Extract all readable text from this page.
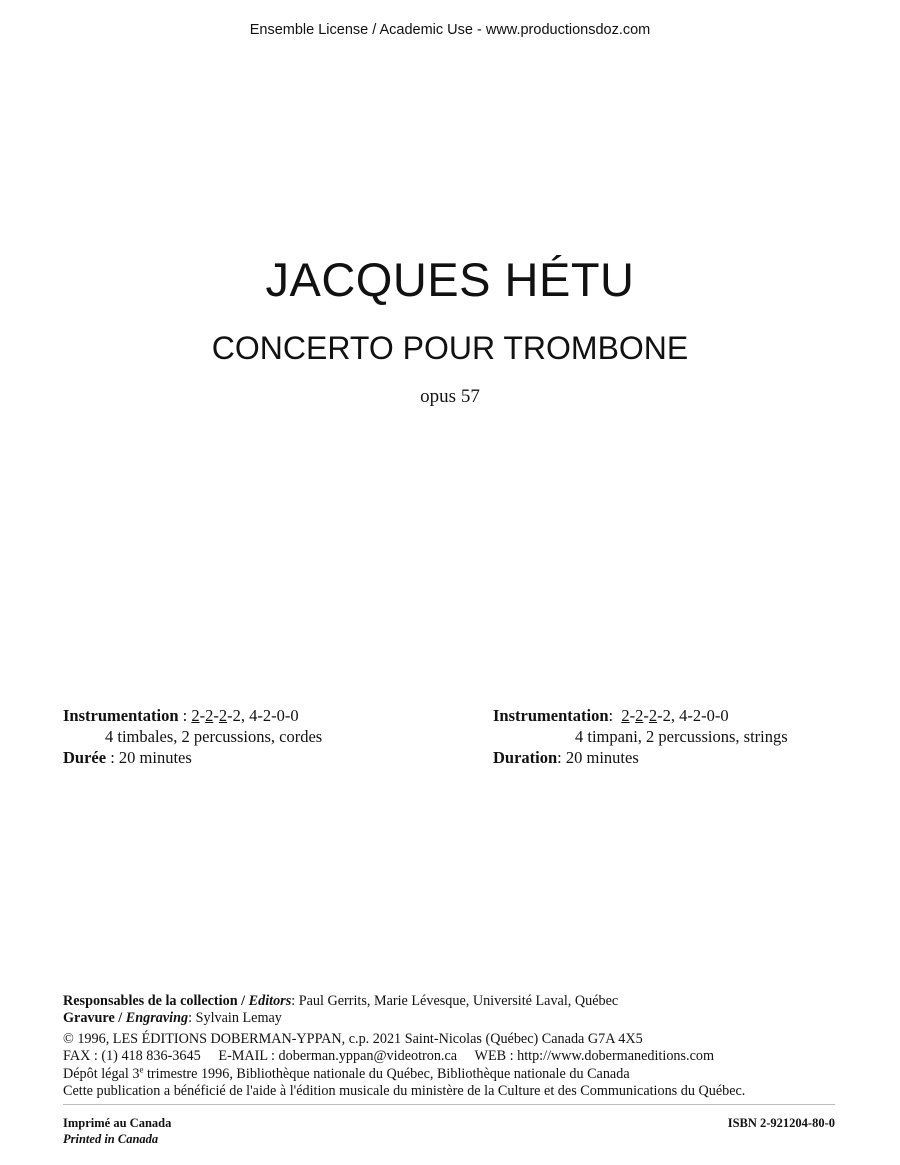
Ensemble License / Academic Use - www.productionsdoz.com
JACQUES HÉTU
CONCERTO POUR TROMBONE
opus 57
Instrumentation : 2-2-2-2, 4-2-0-0
4 timbales, 2 percussions, cordes
Durée : 20 minutes
Instrumentation:  2-2-2-2, 4-2-0-0
4 timpani, 2 percussions, strings
Duration: 20 minutes
Responsables de la collection / Editors: Paul Gerrits, Marie Lévesque, Université Laval, Québec
Gravure / Engraving: Sylvain Lemay
© 1996, LES ÉDITIONS DOBERMAN-YPPAN, c.p. 2021 Saint-Nicolas (Québec) Canada G7A 4X5
FAX : (1) 418 836-3645     E-MAIL : doberman.yppan@videotron.ca     WEB : http://www.dobermaneditions.com
Dépôt légal 3e trimestre 1996, Bibliothèque nationale du Québec, Bibliothèque nationale du Canada
Cette publication a bénéficié de l'aide à l'édition musicale du ministère de la Culture et des Communications du Québec.
Imprimé au Canada
Printed in Canada
ISBN 2-921204-80-0
